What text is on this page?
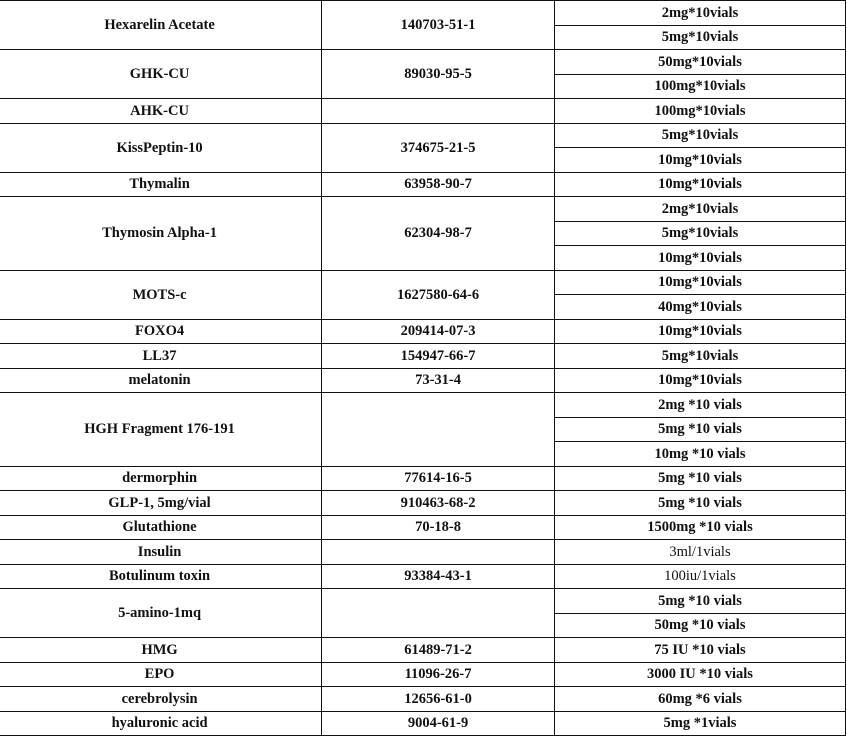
Hexarelin Acetate	140703-51-1	2mg*10vials
		5mg*10vials
GHK-CU	89030-95-5	50mg*10vials
		100mg*10vials
AHK-CU		100mg*10vials
KissPeptin-10	374675-21-5	5mg*10vials
		10mg*10vials
Thymalin	63958-90-7	10mg*10vials
Thymosin Alpha-1	62304-98-7	2mg*10vials
		5mg*10vials
		10mg*10vials
MOTS-c	1627580-64-6	10mg*10vials
		40mg*10vials
FOXO4	209414-07-3	10mg*10vials
LL37	154947-66-7	5mg*10vials
melatonin	73-31-4	10mg*10vials
HGH Fragment 176-191		2mg *10 vials
		5mg *10 vials
		10mg *10 vials
dermorphin	77614-16-5	5mg *10 vials
GLP-1, 5mg/vial	910463-68-2	5mg *10 vials
Glutathione	70-18-8	1500mg *10 vials
Insulin		3ml/1vials
Botulinum toxin	93384-43-1	100iu/1vials
5-amino-1mq		5mg *10 vials
		50mg *10 vials
HMG	61489-71-2	75 IU *10 vials
EPO	11096-26-7	3000 IU *10 vials
cerebrolysin	12656-61-0	60mg *6 vials
hyaluronic acid	9004-61-9	5mg *1vials
